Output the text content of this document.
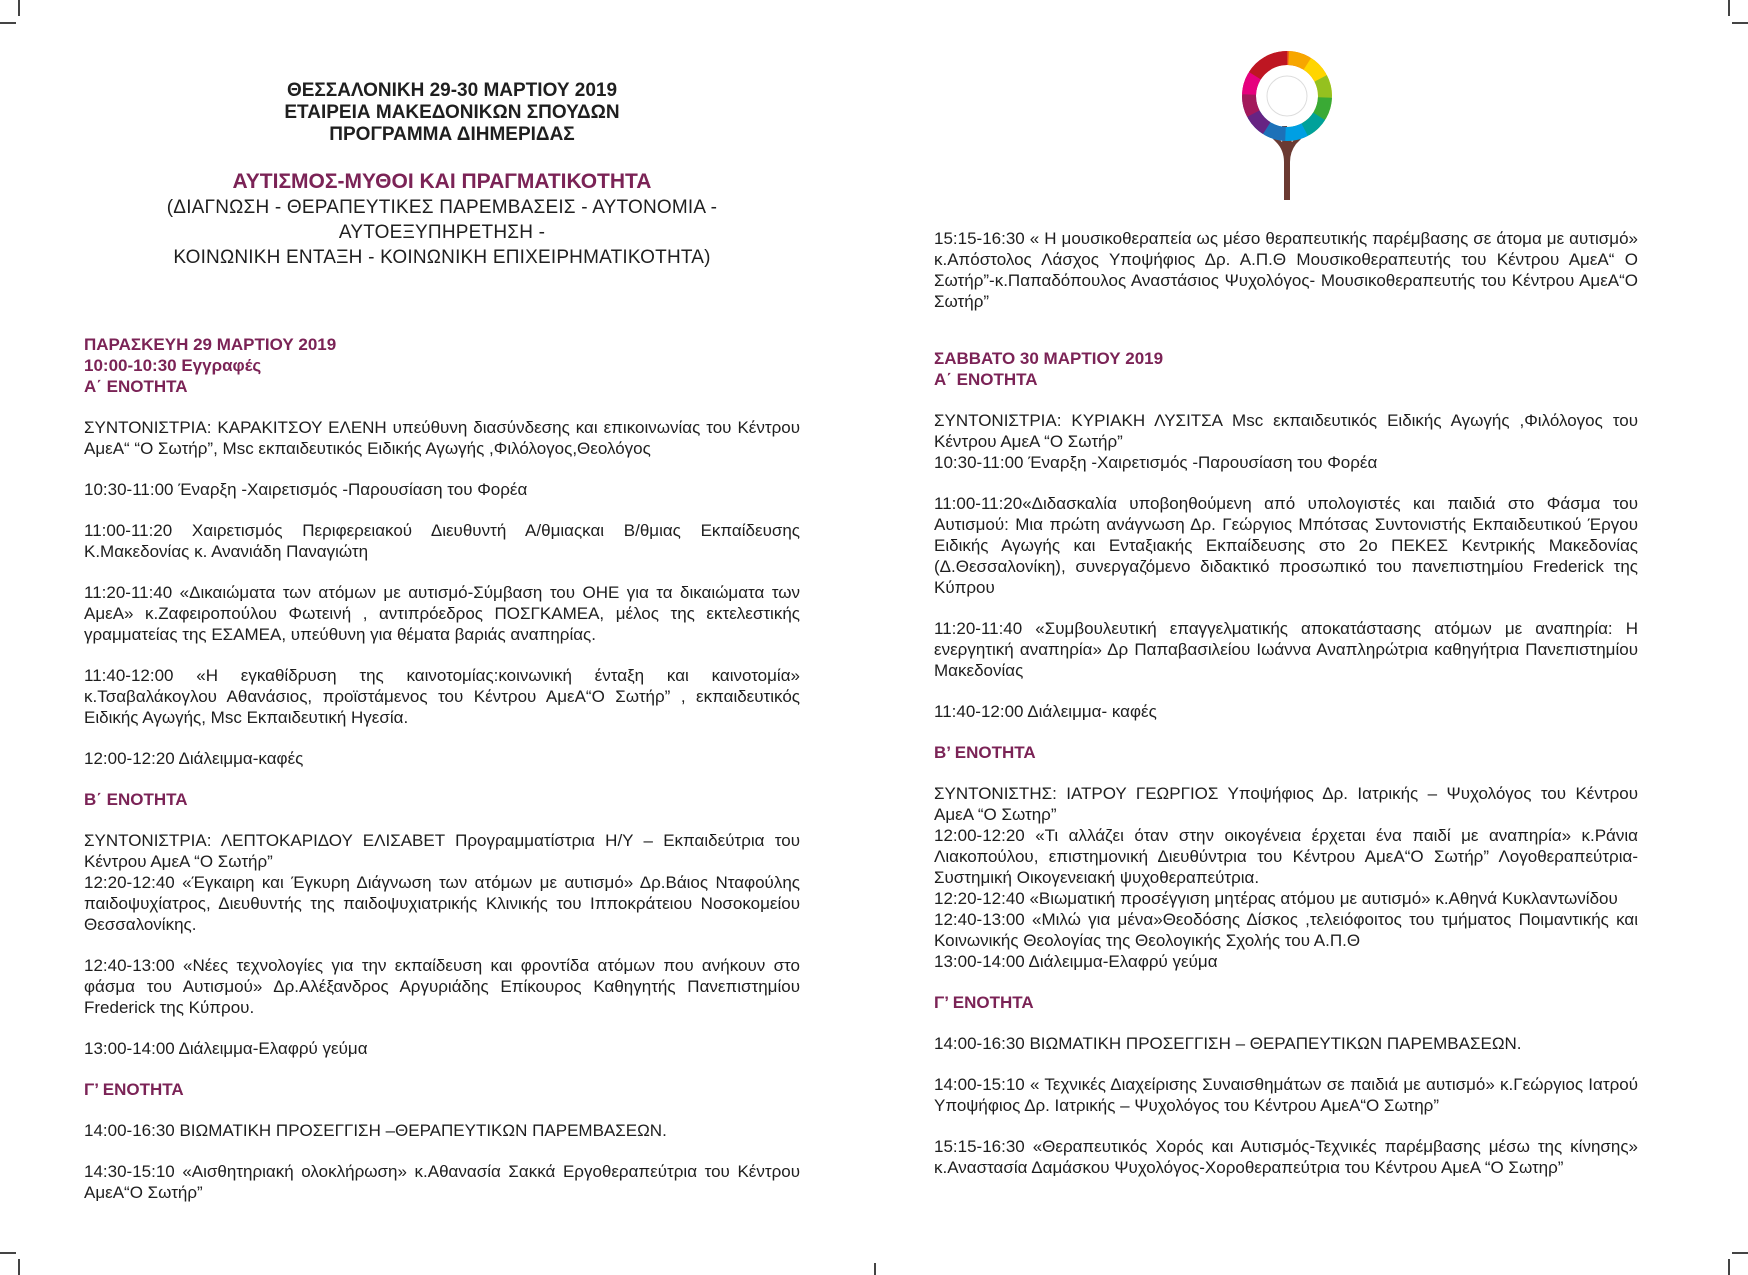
ΘΕΣΣΑΛΟΝΙΚΗ 29-30 ΜΑΡΤΙΟΥ 2019
ΕΤΑΙΡΕΙΑ ΜΑΚΕΔΟΝΙΚΩΝ ΣΠΟΥΔΩΝ
ΠΡΟΓΡΑΜΜΑ ΔΙΗΜΕΡΙΔΑΣ
ΑΥΤΙΣΜΟΣ-ΜΥΘΟΙ ΚΑΙ ΠΡΑΓΜΑΤΙΚΟΤΗΤΑ
(ΔΙΑΓΝΩΣΗ - ΘΕΡΑΠΕΥΤΙΚΕΣ ΠΑΡΕΜΒΑΣΕΙΣ - ΑΥΤΟΝΟΜΙΑ - ΑΥΤΟΕΞΥΠΗΡΕΤΗΣΗ -
ΚΟΙΝΩΝΙΚΗ ΕΝΤΑΞΗ - ΚΟΙΝΩΝΙΚΗ ΕΠΙΧΕΙΡΗΜΑΤΙΚΟΤΗΤΑ)
ΠΑΡΑΣΚΕΥΗ 29 ΜΑΡΤΙΟΥ 2019
10:00-10:30 Εγγραφές
Α΄ ΕΝΟΤΗΤΑ
ΣΥΝΤΟΝΙΣΤΡΙΑ: ΚΑΡΑΚΙΤΣΟΥ ΕΛΕΝΗ υπεύθυνη διασύνδεσης και επικοινωνίας του Κέντρου ΑμεΑ“ “Ο Σωτήρ”, Msc εκπαιδευτικός Ειδικής Αγωγής ,Φιλόλογος,Θεολόγος
10:30-11:00 Έναρξη -Χαιρετισμός -Παρουσίαση του Φορέα
11:00-11:20 Χαιρετισμός Περιφερειακού Διευθυντή Α/θμιαςκαι Β/θμιας Εκπαίδευσης Κ.Μακεδονίας κ. Ανανιάδη Παναγιώτη
11:20-11:40 «Δικαιώματα των ατόμων με αυτισμό-Σύμβαση του ΟΗΕ για τα δικαιώματα των ΑμεΑ» κ.Ζαφειροπούλου Φωτεινή , αντιπρόεδρος ΠΟΣΓΚΑΜΕΑ, μέλος της εκτελεστικής γραμματείας της ΕΣΑΜΕΑ, υπεύθυνη για θέματα βαριάς αναπηρίας.
11:40-12:00 «Η εγκαθίδρυση της καινοτομίας:κοινωνική ένταξη και καινοτομία» κ.Τσαβαλάκογλου Αθανάσιος, προϊστάμενος του Κέντρου ΑμεΑ“Ο Σωτήρ” , εκπαιδευτικός Ειδικής Αγωγής, Msc Εκπαιδευτική Ηγεσία.
12:00-12:20 Διάλειμμα-καφές
Β΄ ΕΝΟΤΗΤΑ
ΣΥΝΤΟΝΙΣΤΡΙΑ: ΛΕΠΤΟΚΑΡΙΔΟΥ ΕΛΙΣΑΒΕΤ Προγραμματίστρια Η/Υ – Εκπαιδεύτρια του Κέντρου ΑμεΑ “Ο Σωτήρ”
12:20-12:40 «Έγκαιρη και Έγκυρη Διάγνωση των ατόμων με αυτισμό» Δρ.Βάιος Νταφούλης παιδοψυχίατρος, Διευθυντής της παιδοψυχιατρικής Κλινικής του Ιπποκράτειου Νοσοκομείου Θεσσαλονίκης.
12:40-13:00 «Νέες τεχνολογίες για την εκπαίδευση και φροντίδα ατόμων που ανήκουν στο φάσμα του Αυτισμού» Δρ.Αλέξανδρος Αργυριάδης Επίκουρος Καθηγητής Πανεπιστημίου Frederick της Κύπρου.
13:00-14:00 Διάλειμμα-Ελαφρύ γεύμα
Γ’ ΕΝΟΤΗΤΑ
14:00-16:30 ΒΙΩΜΑΤΙΚΗ ΠΡΟΣΕΓΓΙΣΗ –ΘΕΡΑΠΕΥΤΙΚΩΝ ΠΑΡΕΜΒΑΣΕΩΝ.
14:30-15:10 «Αισθητηριακή ολοκλήρωση» κ.Αθανασία Σακκά Εργοθεραπεύτρια του Κέντρου ΑμεΑ“Ο Σωτήρ”
15:15-16:30 « Η μουσικοθεραπεία ως μέσο θεραπευτικής παρέμβασης σε άτομα με αυτισμό» κ.Απόστολος Λάσχος Υποψήφιος Δρ. Α.Π.Θ Μουσικοθεραπευτής του Κέντρου ΑμεΑ“ Ο Σωτήρ”-κ.Παπαδόπουλος Αναστάσιος Ψυχολόγος- Μουσικοθεραπευτής του Κέντρου ΑμεΑ“Ο Σωτήρ”
ΣΑΒΒΑΤΟ 30 ΜΑΡΤΙΟΥ 2019
Α΄ ΕΝΟΤΗΤΑ
ΣΥΝΤΟΝΙΣΤΡΙΑ: ΚΥΡΙΑΚΗ ΛΥΣΙΤΣΑ Msc εκπαιδευτικός Ειδικής Αγωγής ,Φιλόλογος του Κέντρου ΑμεΑ “Ο Σωτήρ”
10:30-11:00 Έναρξη -Χαιρετισμός -Παρουσίαση του Φορέα
11:00-11:20«Διδασκαλία υποβοηθούμενη από υπολογιστές και παιδιά στο Φάσμα του Αυτισμού: Μια πρώτη ανάγνωση Δρ. Γεώργιος Μπότσας Συντονιστής Εκπαιδευτικού Έργου Ειδικής Αγωγής και Ενταξιακής Εκπαίδευσης στο 2ο ΠΕΚΕΣ Κεντρικής Μακεδονίας (Δ.Θεσσαλονίκη), συνεργαζόμενο διδακτικό προσωπικό του πανεπιστημίου Frederick της Κύπρου
11:20-11:40 «Συμβουλευτική επαγγελματικής αποκατάστασης ατόμων με αναπηρία: Η ενεργητική αναπηρία» Δρ Παπαβασιλείου Ιωάννα Αναπληρώτρια καθηγήτρια Πανεπιστημίου Μακεδονίας
11:40-12:00 Διάλειμμα- καφές
Β’ ΕΝΟΤΗΤΑ
ΣΥΝΤΟΝΙΣΤΗΣ: ΙΑΤΡΟΥ ΓΕΩΡΓΙΟΣ Υποψήφιος Δρ. Ιατρικής – Ψυχολόγος του Κέντρου ΑμεΑ “Ο Σωτηρ”
12:00-12:20 «Τι αλλάζει όταν στην οικογένεια έρχεται ένα παιδί με αναπηρία» κ.Ράνια Λιακοπούλου, επιστημονική Διευθύντρια του Κέντρου ΑμεΑ“Ο Σωτήρ” Λογοθεραπεύτρια-Συστημική Οικογενειακή ψυχοθεραπεύτρια.
12:20-12:40 «Βιωματική προσέγγιση μητέρας ατόμου με αυτισμό» κ.Αθηνά Κυκλαντωνίδου
12:40-13:00 «Μιλώ για μένα»Θεοδόσης Δίσκος ,τελειόφοιτος του τμήματος Ποιμαντικής και Κοινωνικής Θεολογίας της Θεολογικής Σχολής του Α.Π.Θ
13:00-14:00 Διάλειμμα-Ελαφρύ γεύμα
Γ’ ΕΝΟΤΗΤΑ
14:00-16:30 ΒΙΩΜΑΤΙΚΗ ΠΡΟΣΕΓΓΙΣΗ – ΘΕΡΑΠΕΥΤΙΚΩΝ ΠΑΡΕΜΒΑΣΕΩΝ.
14:00-15:10 « Τεχνικές Διαχείρισης Συναισθημάτων σε παιδιά με αυτισμό» κ.Γεώργιος Ιατρού Υποψήφιος Δρ. Ιατρικής – Ψυχολόγος του Κέντρου ΑμεΑ“Ο Σωτηρ”
15:15-16:30 «Θεραπευτικός Χορός και Αυτισμός-Τεχνικές παρέμβασης μέσω της κίνησης» κ.Αναστασία Δαμάσκου Ψυχολόγος-Χοροθεραπεύτρια του Κέντρου ΑμεΑ “Ο Σωτηρ”
